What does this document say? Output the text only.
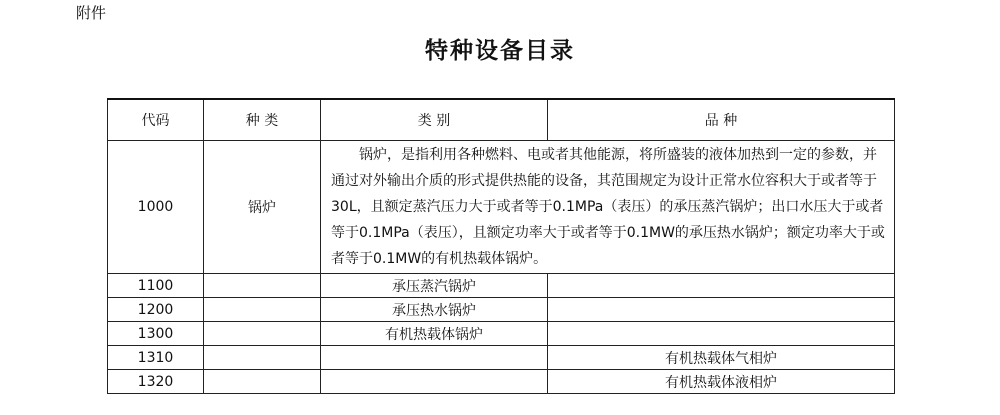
附件
特种设备目录
代码	种 类	类 别	品 种
1000	锅炉	锅炉，是指利用各种燃料、电或者其他能源，将所盛装的液体加热到一定的参数，并通过对外输出介质的形式提供热能的设备，其范围规定为设计正常水位容积大于或者等于30L，且额定蒸汽压力大于或者等于0.1MPa（表压）的承压蒸汽锅炉；出口水压大于或者等于0.1MPa（表压），且额定功率大于或者等于0.1MW的承压热水锅炉；额定功率大于或者等于0.1MW的有机热载体锅炉。	

1100		承压蒸汽锅炉	
1200		承压热水锅炉	
1300		有机热载体锅炉	
1310			有机热载体气相炉
1320			有机热载体液相炉
